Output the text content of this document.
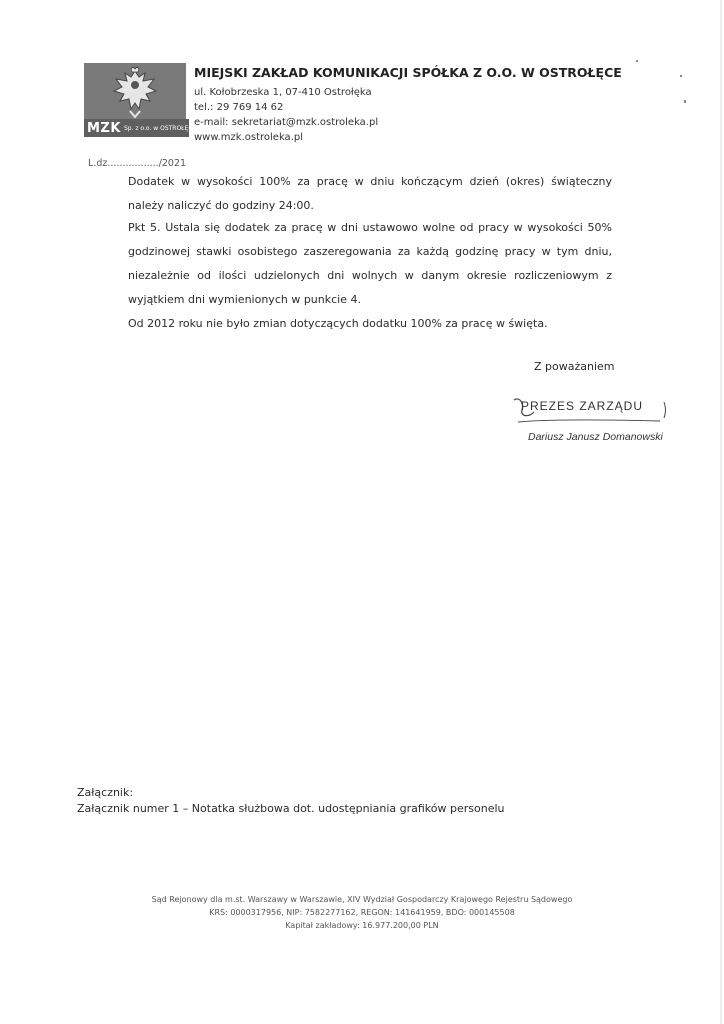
MZK Sp. z o.o. w OSTROŁĘCE
MIEJSKI ZAKŁAD KOMUNIKACJI SPÓŁKA Z O.O. W OSTROŁĘCE
ul. Kołobrzeska 1, 07-410 Ostrołęka
tel.: 29 769 14 62
e-mail: sekretariat@mzk.ostroleka.pl
www.mzk.ostroleka.pl
L.dz................./2021
Dodatek w wysokości 100% za pracę w dniu kończącym dzień (okres) świąteczny należy naliczyć do godziny 24:00.
Pkt 5. Ustala się dodatek za pracę w dni ustawowo wolne od pracy w wysokości 50% godzinowej stawki osobistego zaszeregowania za każdą godzinę pracy w tym dniu, niezależnie od ilości udzielonych dni wolnych w danym okresie rozliczeniowym z wyjątkiem dni wymienionych w punkcie 4.
Od 2012 roku nie było zmian dotyczących dodatku 100% za pracę w święta.
Z poważaniem
PREZES ZARZĄDU
Dariusz Janusz Domanowski
Załącznik:
Załącznik numer 1 – Notatka służbowa dot. udostępniania grafików personelu
Sąd Rejonowy dla m.st. Warszawy w Warszawie, XIV Wydział Gospodarczy Krajowego Rejestru Sądowego
KRS: 0000317956, NIP: 7582277162, REGON: 141641959, BDO: 000145508
Kapitał zakładowy: 16.977.200,00 PLN
